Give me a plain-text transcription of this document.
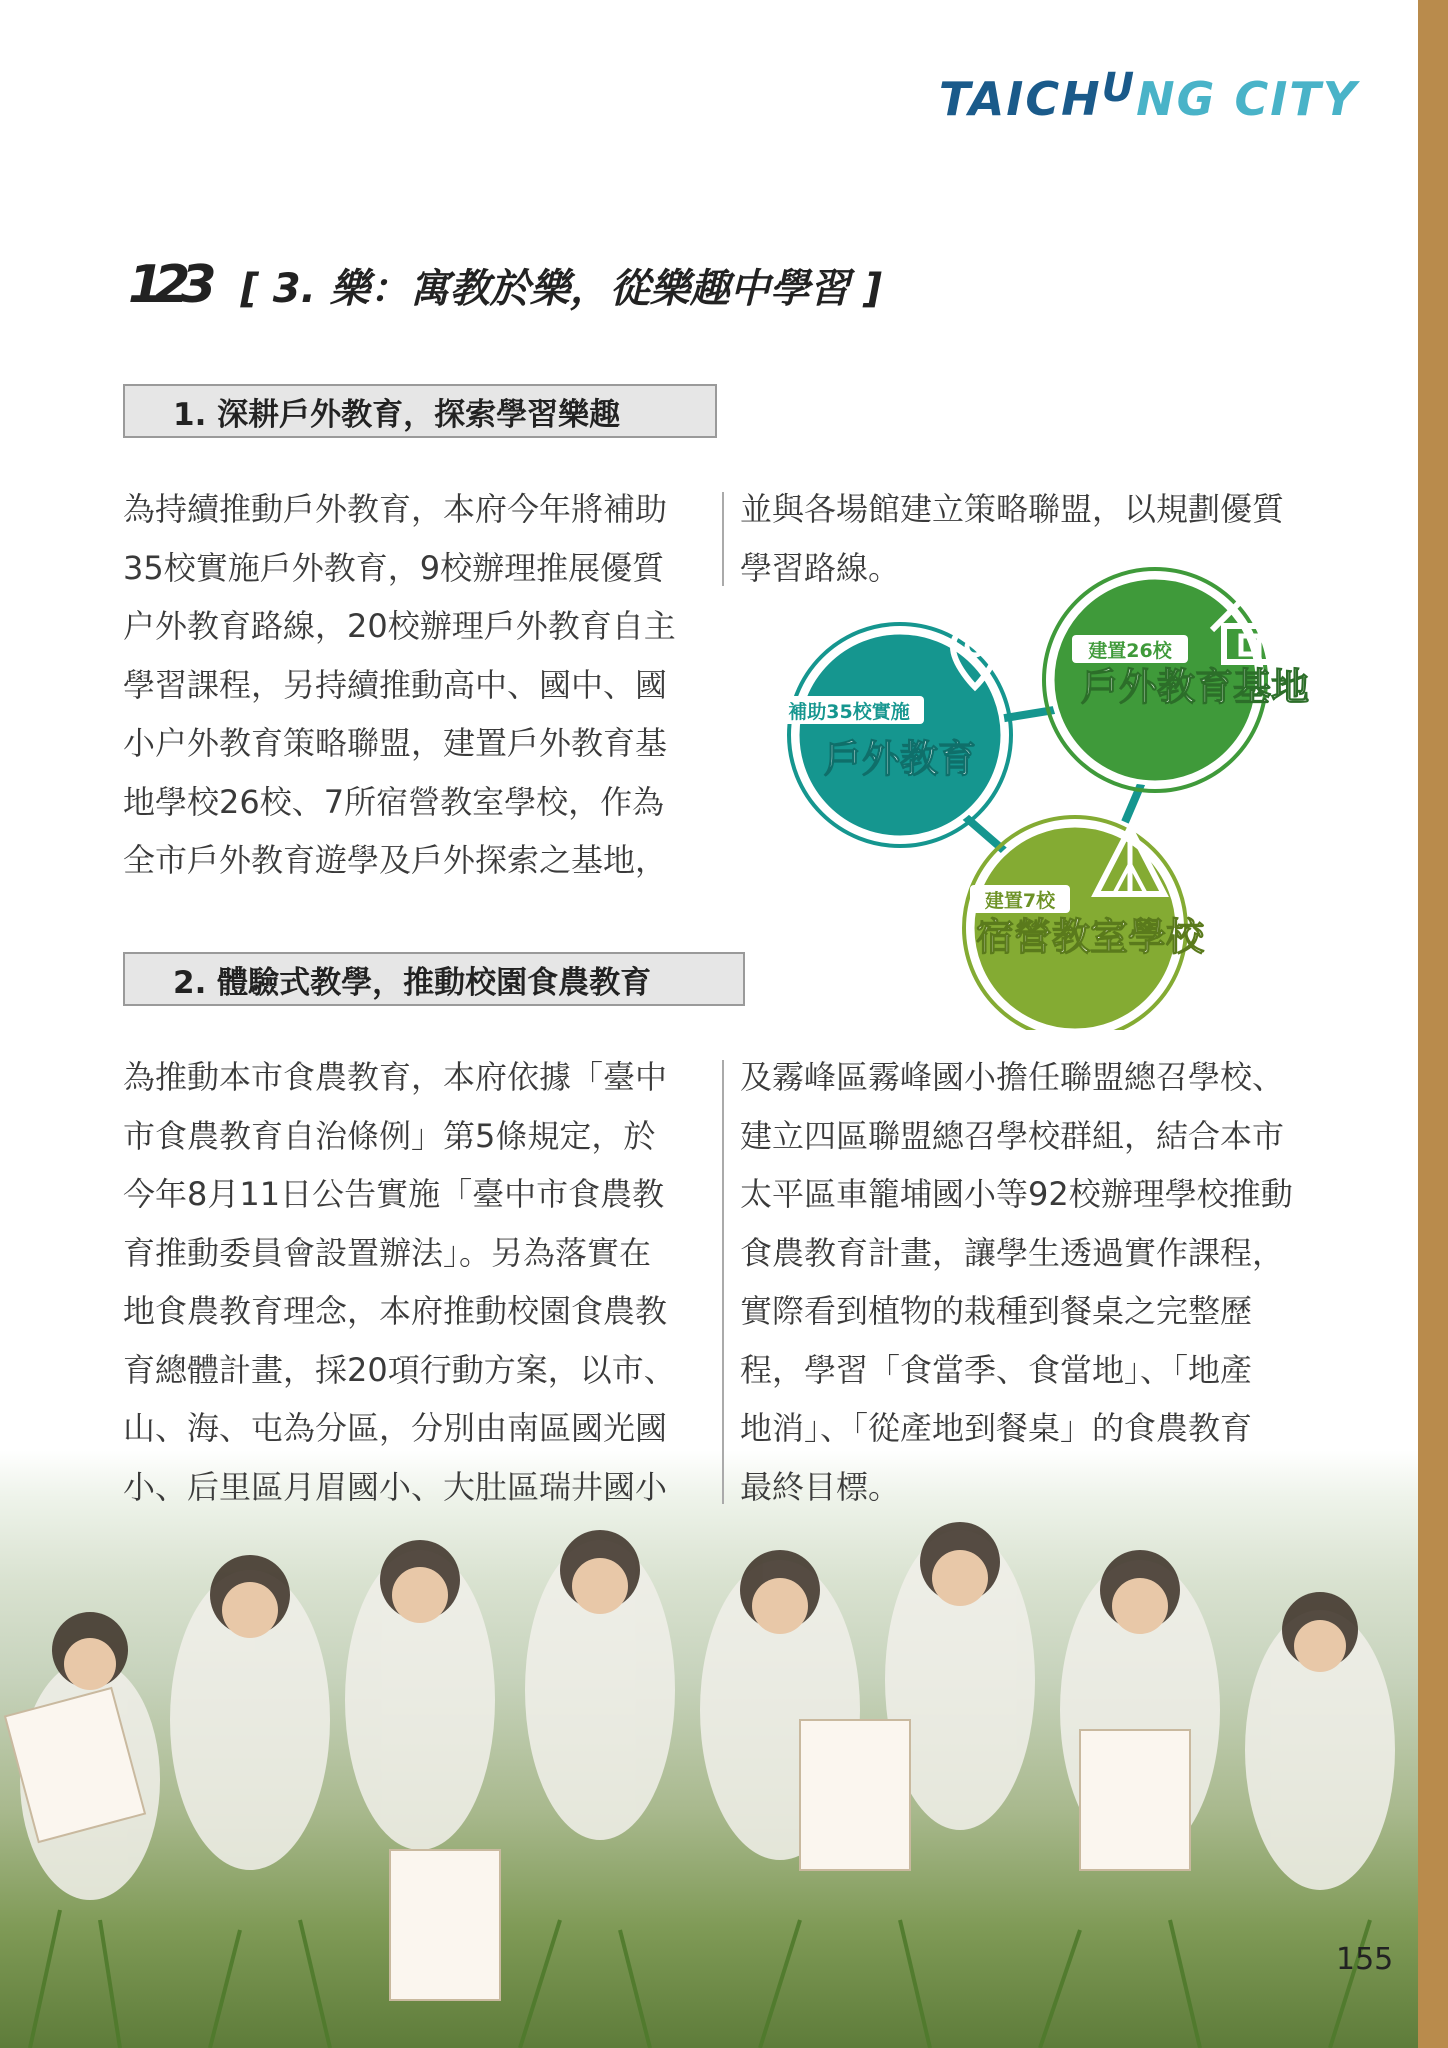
TAICHUNG CITY
123 [ 3. 樂：寓教於樂，從樂趣中學習 ]
1. 深耕戶外教育，探索學習樂趣
為持續推動戶外教育，本府今年將補助
35校實施戶外教育，9校辦理推展優質
户外教育路線，20校辦理戶外教育自主
學習課程，另持續推動高中、國中、國
小户外教育策略聯盟，建置戶外教育基
地學校26校、7所宿營教室學校，作為
全市戶外教育遊學及戶外探索之基地，
並與各場館建立策略聯盟，以規劃優質
學習路線。
補助35校實施
戶外教育
建置26校
戶外教育基地
建置7校
宿營教室學校
2. 體驗式教學，推動校園食農教育
為推動本市食農教育，本府依據「臺中
市食農教育自治條例」第5條規定，於
今年8月11日公告實施「臺中市食農教
育推動委員會設置辦法」。另為落實在
地食農教育理念，本府推動校園食農教
育總體計畫，採20項行動方案，以市、
山、海、屯為分區，分別由南區國光國
小、后里區月眉國小、大肚區瑞井國小
及霧峰區霧峰國小擔任聯盟總召學校、
建立四區聯盟總召學校群組，結合本市
太平區車籠埔國小等92校辦理學校推動
食農教育計畫，讓學生透過實作課程，
實際看到植物的栽種到餐桌之完整歷
程，學習「食當季、食當地」、「地產
地消」、「從產地到餐桌」的食農教育
最終目標。
155
